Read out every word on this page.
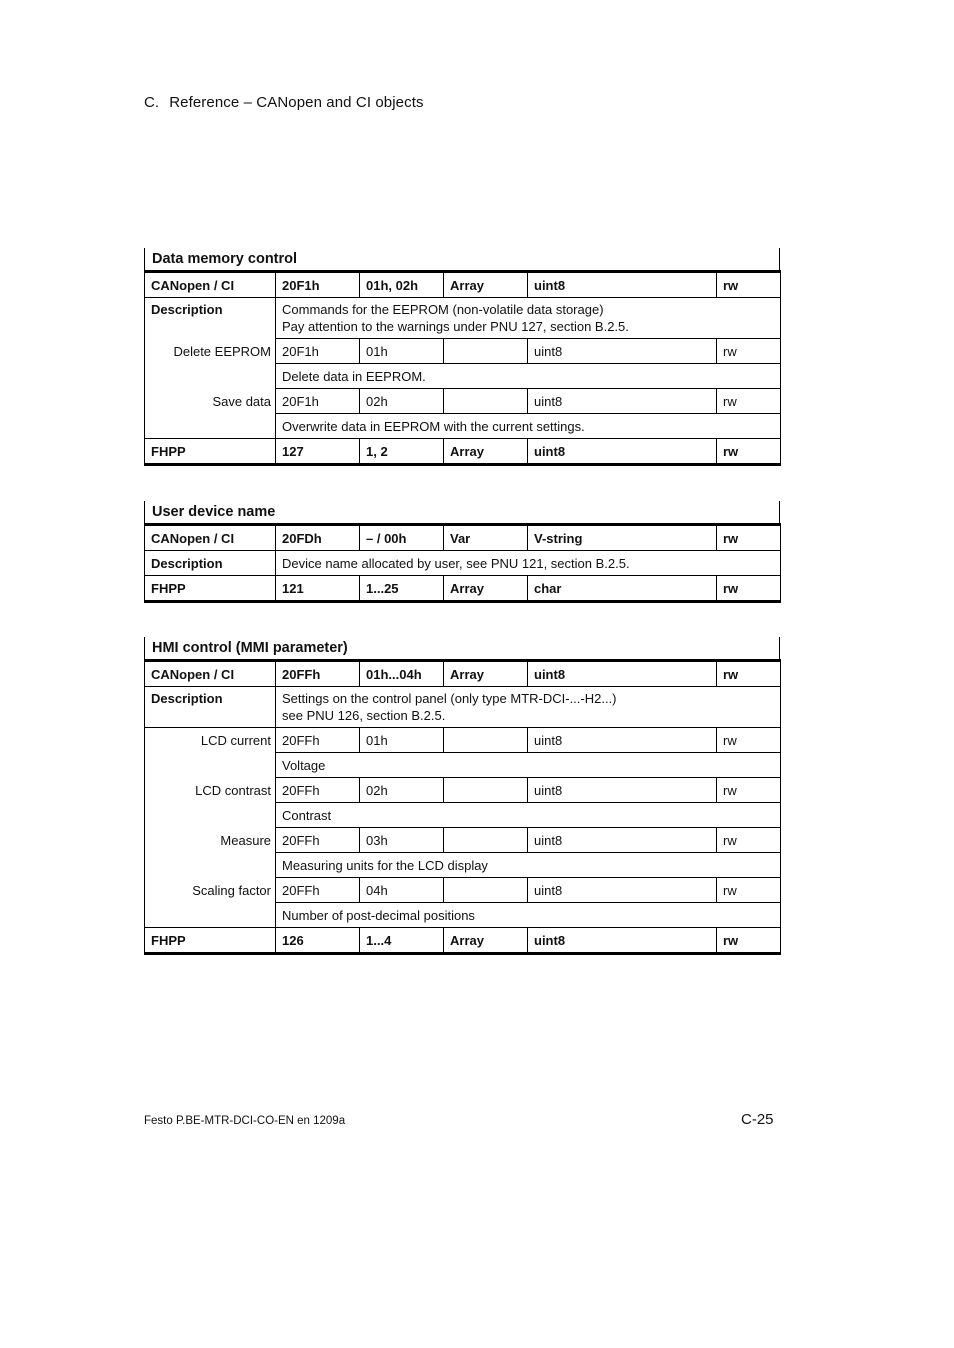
C. Reference – CANopen and CI objects
Data memory control
CANopen / CI	20F1h	01h, 02h	Array	uint8	rw
Description	Commands for the EEPROM (non-volatile data storage)
Pay attention to the warnings under PNU 127, section B.2.5.				

Delete EEPROM	20F1h	01h		uint8	rw
	Delete data in EEPROM.				
Save data	20F1h	02h		uint8	rw
	Overwrite data in EEPROM with the current settings.				
FHPP	127	1, 2	Array	uint8	rw
User device name
CANopen / CI	20FDh	– / 00h	Var	V-string	rw
Description	Device name allocated by user, see PNU 121, section B.2.5.				
FHPP	121	1...25	Array	char	rw
HMI control (MMI parameter)
CANopen / CI	20FFh	01h...04h	Array	uint8	rw
Description	Settings on the control panel (only type MTR-DCI-...-H2...)
see PNU 126, section B.2.5.				

LCD current	20FFh	01h		uint8	rw
	Voltage				
LCD contrast	20FFh	02h		uint8	rw
	Contrast				
Measure	20FFh	03h		uint8	rw
	Measuring units for the LCD display				
Scaling factor	20FFh	04h		uint8	rw
	Number of post-decimal positions				
FHPP	126	1...4	Array	uint8	rw
Festo P.BE-MTR-DCI-CO-EN en 1209a	C-25
